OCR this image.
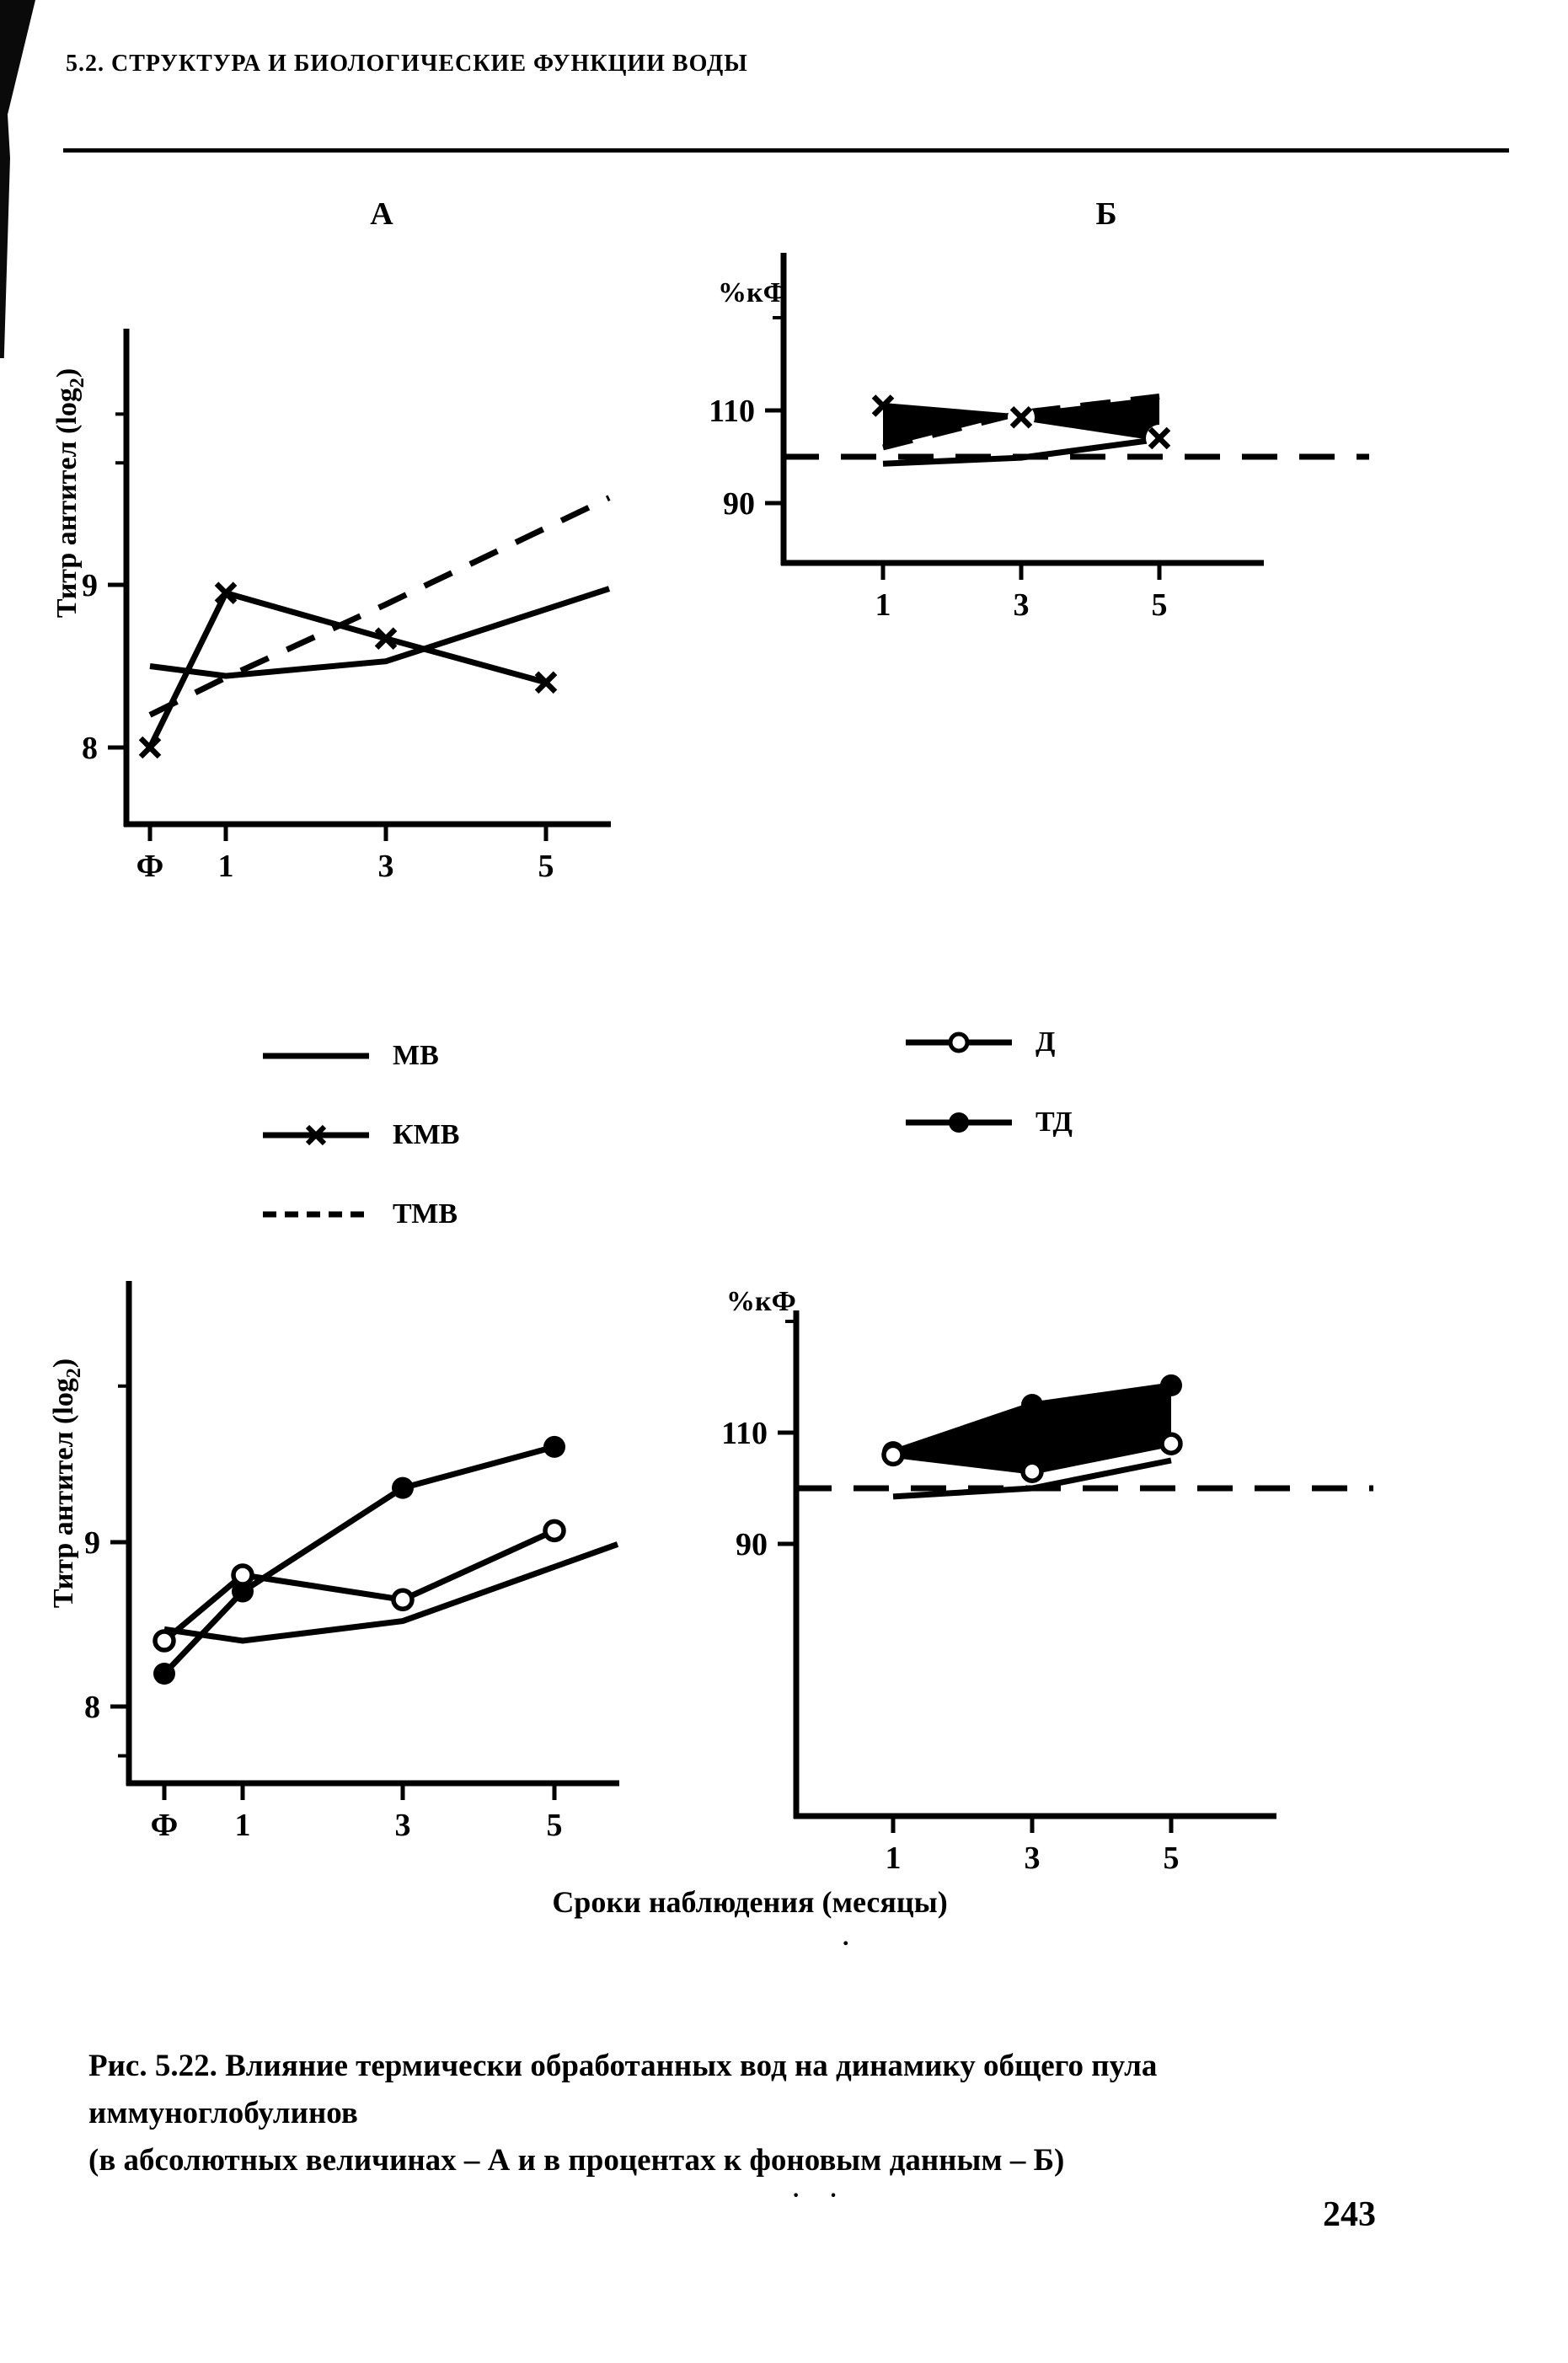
5.2. СТРУКТУРА И БИОЛОГИЧЕСКИЕ ФУНКЦИИ ВОДЫ
А	Б
Ф 1	3	5
9
8
Титр антител $(\log_2)$
1	3	5
110
90
%кФ
Ф 1	3	5
9
8
Титр антител $(\log_2)$
1	3	5
110
90
%кФ
МВ
КМВ
ТМВ
Д
ТД
Сроки наблюдения (месяцы)
.
· ·

Рис. 5.22. Влияние термически обработанных вод на динамику общего пула

иммуноглобулинов

(в абсолютных величинах – А и в процентах к фоновым данным – Б)

243
